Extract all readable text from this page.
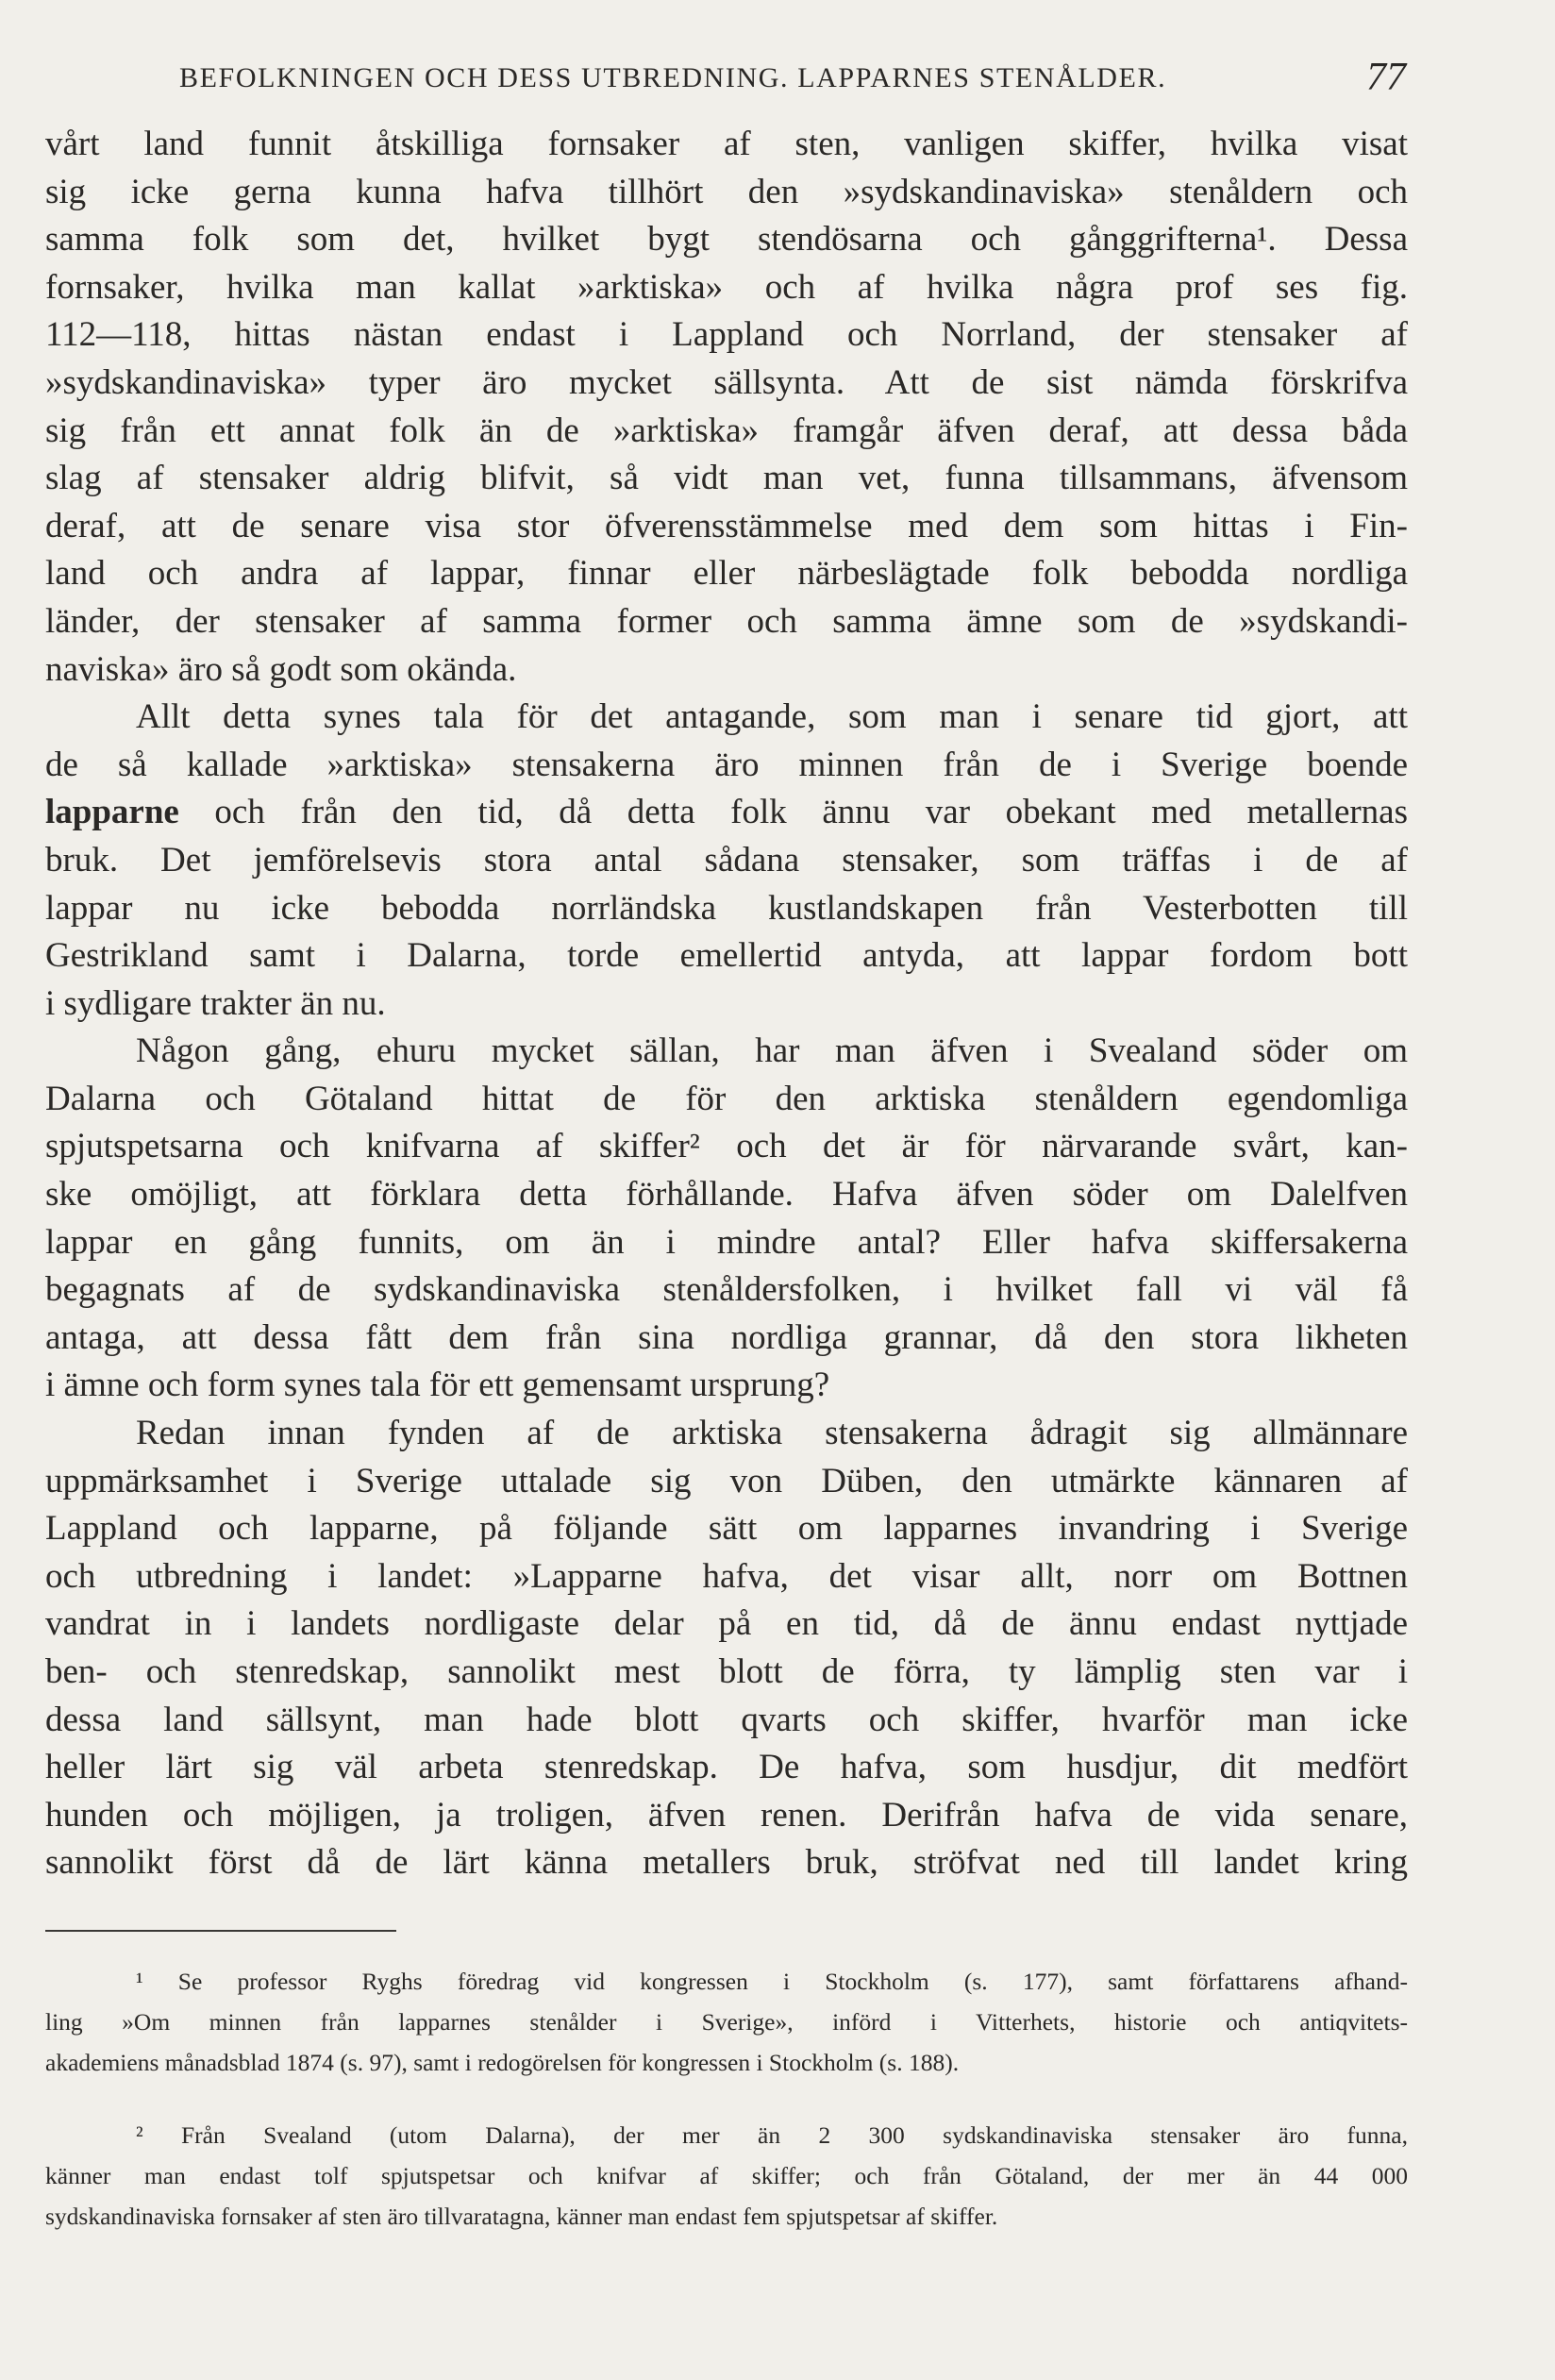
BEFOLKNINGEN OCH DESS UTBREDNING. LAPPARNES STENÅLDER.	77
vårt land funnit åtskilliga fornsaker af sten, vanligen skiffer, hvilka visat
sig icke gerna kunna hafva tillhört den »sydskandinaviska» stenåldern och
samma folk som det, hvilket bygt stendösarna och gånggrifterna¹. Dessa
fornsaker, hvilka man kallat »arktiska» och af hvilka några prof ses fig.
112—118, hittas nästan endast i Lappland och Norrland, der stensaker af
»sydskandinaviska» typer äro mycket sällsynta. Att de sist nämda förskrifva
sig från ett annat folk än de »arktiska» framgår äfven deraf, att dessa båda
slag af stensaker aldrig blifvit, så vidt man vet, funna tillsammans, äfvensom
deraf, att de senare visa stor öfverensstämmelse med dem som hittas i Fin-
land och andra af lappar, finnar eller närbeslägtade folk bebodda nordliga
länder, der stensaker af samma former och samma ämne som de »sydskandi-
naviska» äro så godt som okända.
Allt detta synes tala för det antagande, som man i senare tid gjort, att
de så kallade »arktiska» stensakerna äro minnen från de i Sverige boende
lapparne och från den tid, då detta folk ännu var obekant med metallernas
bruk. Det jemförelsevis stora antal sådana stensaker, som träffas i de af
lappar nu icke bebodda norrländska kustlandskapen från Vesterbotten till
Gestrikland samt i Dalarna, torde emellertid antyda, att lappar fordom bott
i sydligare trakter än nu.
Någon gång, ehuru mycket sällan, har man äfven i Svealand söder om
Dalarna och Götaland hittat de för den arktiska stenåldern egendomliga
spjutspetsarna och knifvarna af skiffer² och det är för närvarande svårt, kan-
ske omöjligt, att förklara detta förhållande. Hafva äfven söder om Dalelfven
lappar en gång funnits, om än i mindre antal? Eller hafva skiffersakerna
begagnats af de sydskandinaviska stenåldersfolken, i hvilket fall vi väl få
antaga, att dessa fått dem från sina nordliga grannar, då den stora likheten
i ämne och form synes tala för ett gemensamt ursprung?
Redan innan fynden af de arktiska stensakerna ådragit sig allmännare
uppmärksamhet i Sverige uttalade sig von Düben, den utmärkte kännaren af
Lappland och lapparne, på följande sätt om lapparnes invandring i Sverige
och utbredning i landet: »Lapparne hafva, det visar allt, norr om Bottnen
vandrat in i landets nordligaste delar på en tid, då de ännu endast nyttjade
ben- och stenredskap, sannolikt mest blott de förra, ty lämplig sten var i
dessa land sällsynt, man hade blott qvarts och skiffer, hvarför man icke
heller lärt sig väl arbeta stenredskap. De hafva, som husdjur, dit medfört
hunden och möjligen, ja troligen, äfven renen. Derifrån hafva de vida senare,
sannolikt först då de lärt känna metallers bruk, ströfvat ned till landet kring
¹ Se professor Ryghs föredrag vid kongressen i Stockholm (s. 177), samt författarens afhand-
ling »Om minnen från lapparnes stenålder i Sverige», införd i Vitterhets, historie och antiqvitets-
akademiens månadsblad 1874 (s. 97), samt i redogörelsen för kongressen i Stockholm (s. 188).
² Från Svealand (utom Dalarna), der mer än 2 300 sydskandinaviska stensaker äro funna,
känner man endast tolf spjutspetsar och knifvar af skiffer; och från Götaland, der mer än 44 000
sydskandinaviska fornsaker af sten äro tillvaratagna, känner man endast fem spjutspetsar af skiffer.
